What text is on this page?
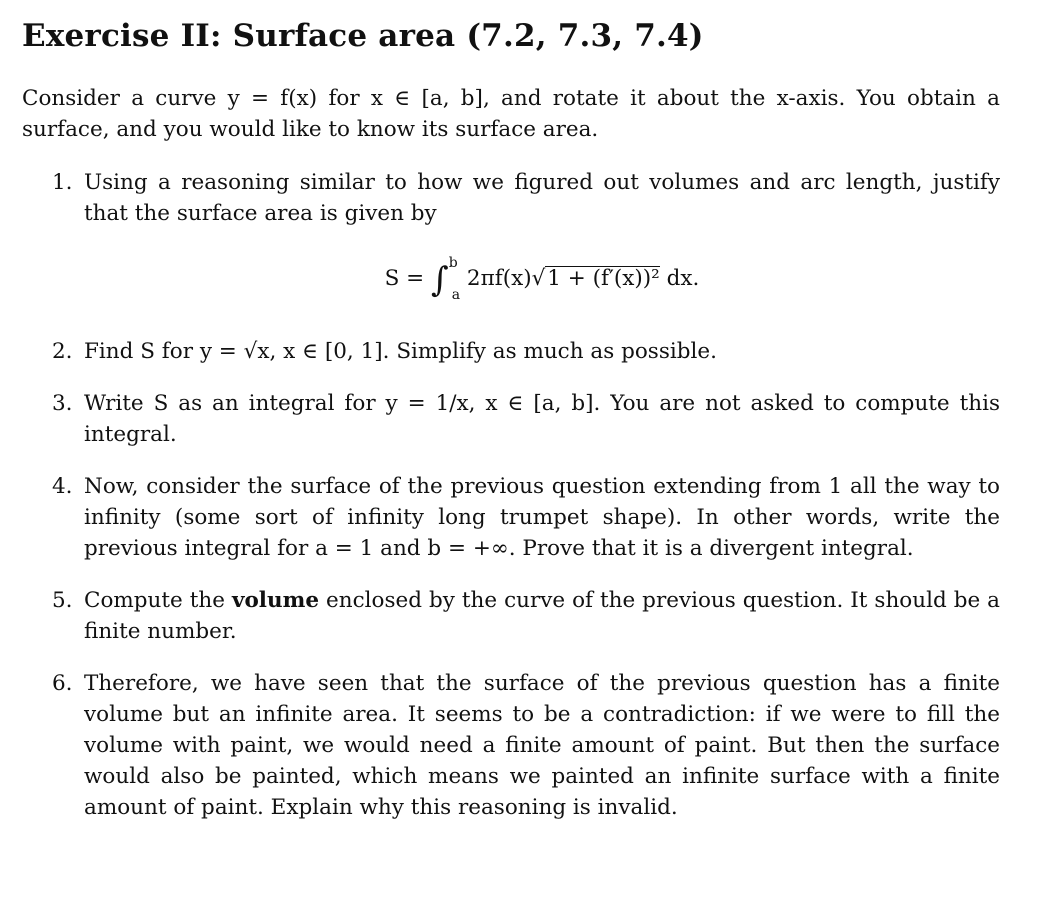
Exercise II: Surface area (7.2, 7.3, 7.4)

Consider a curve y = f(x) for x ∈ [a, b], and rotate it about the x-axis. You obtain a surface, and you would like to know its surface area.

1. Using a reasoning similar to how we figured out volumes and arc length, justify that the surface area is given by
S = ∫$^b_a$ 2πf(x)√1 + (f′(x))² dx.
2. Find S for y = √x, x ∈ [0, 1]. Simplify as much as possible.
3. Write S as an integral for y = 1/x, x ∈ [a, b]. You are not asked to compute this integral.
4. Now, consider the surface of the previous question extending from 1 all the way to infinity (some sort of infinity long trumpet shape). In other words, write the previous integral for a = 1 and b = +∞. Prove that it is a divergent integral.
5. Compute the volume enclosed by the curve of the previous question. It should be a finite number.
6. Therefore, we have seen that the surface of the previous question has a finite volume but an infinite area. It seems to be a contradiction: if we were to fill the volume with paint, we would need a finite amount of paint. But then the surface would also be painted, which means we painted an infinite surface with a finite amount of paint. Explain why this reasoning is invalid.
